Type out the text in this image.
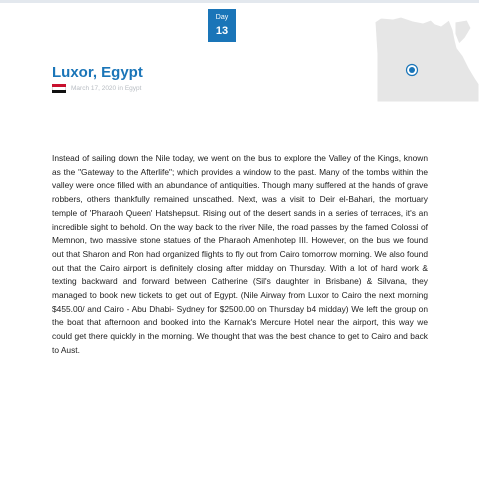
Day
13
Luxor, Egypt
March 17, 2020 in Egypt

Instead of sailing down the Nile today, we went on the bus to explore the Valley of the Kings, known as the "Gateway to the Afterlife"; which provides a window to the past. Many of the tombs within the valley were once filled with an abundance of antiquities. Though many suffered at the hands of grave robbers, others thankfully remained unscathed. Next, was a visit to Deir el-Bahari, the mortuary temple of 'Pharaoh Queen' Hatshepsut. Rising out of the desert sands in a series of terraces, it's an incredible sight to behold. On the way back to the river Nile, the road passes by the famed Colossi of Memnon, two massive stone statues of the Pharaoh Amenhotep III. However, on the bus we found out that Sharon and Ron had organized flights to fly out from Cairo tomorrow morning. We also found out that the Cairo airport is definitely closing after midday on Thursday. With a lot of hard work & texting backward and forward between Catherine (Sil's daughter in Brisbane) & Silvana, they managed to book new tickets to get out of Egypt. (Nile Airway from Luxor to Cairo the next morning $455.00/ and Cairo - Abu Dhabi- Sydney for $2500.00 on Thursday b4 midday) We left the group on the boat that afternoon and booked into the Karnak's Mercure Hotel near the airport, this way we could get there quickly in the morning. We thought that was the best chance to get to Cairo and back to Aust.
